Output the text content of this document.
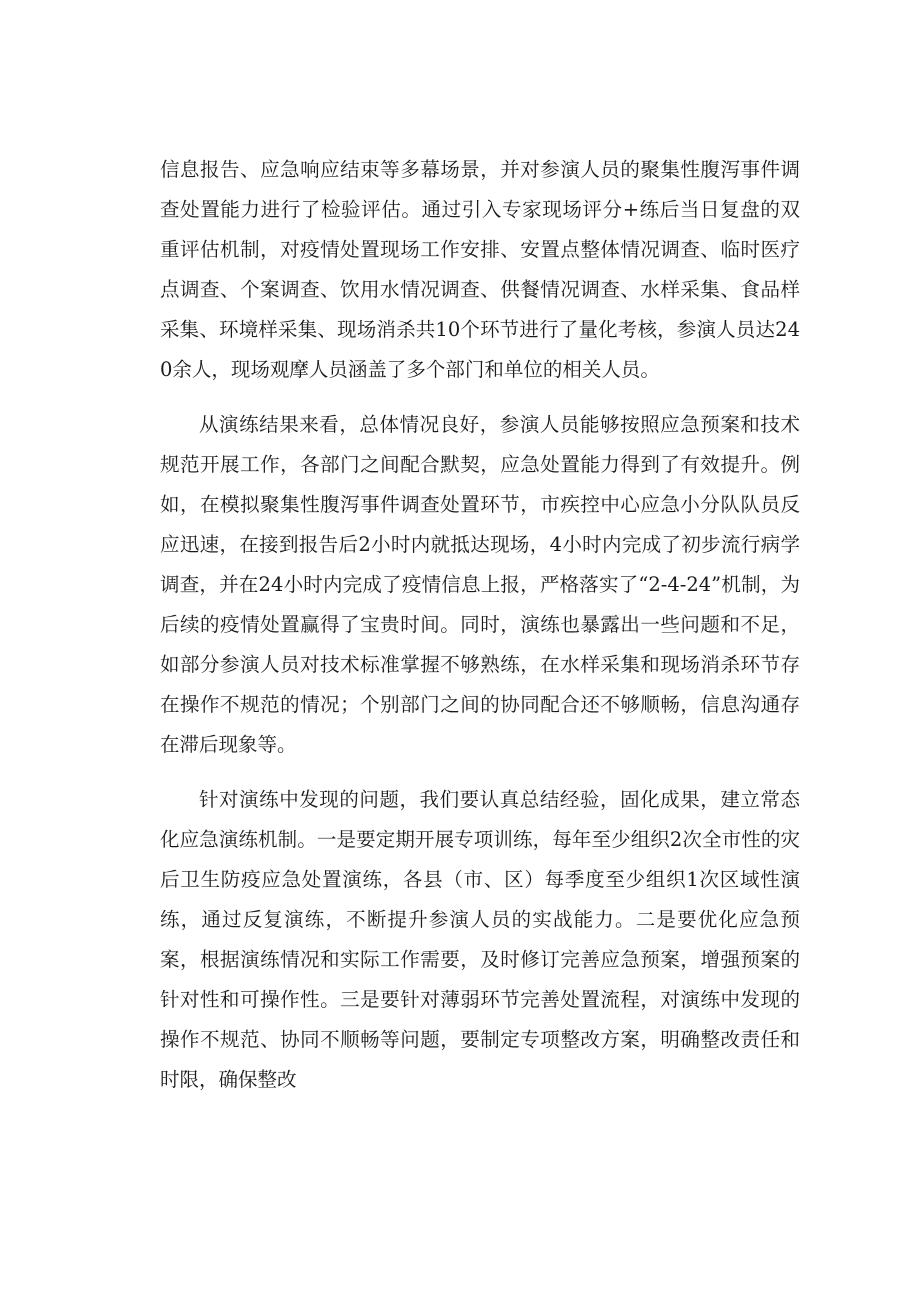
信息报告、应急响应结束等多幕场景，并对参演人员的聚集性腹泻事件调查处置能力进行了检验评估。通过引入专家现场评分+练后当日复盘的双重评估机制，对疫情处置现场工作安排、安置点整体情况调查、临时医疗点调查、个案调查、饮用水情况调查、供餐情况调查、水样采集、食品样采集、环境样采集、现场消杀共10个环节进行了量化考核，参演人员达240余人，现场观摩人员涵盖了多个部门和单位的相关人员。

从演练结果来看，总体情况良好，参演人员能够按照应急预案和技术规范开展工作，各部门之间配合默契，应急处置能力得到了有效提升。例如，在模拟聚集性腹泻事件调查处置环节，市疾控中心应急小分队队员反应迅速，在接到报告后2小时内就抵达现场，4小时内完成了初步流行病学调查，并在24小时内完成了疫情信息上报，严格落实了“2-4-24”机制，为后续的疫情处置赢得了宝贵时间。同时，演练也暴露出一些问题和不足，如部分参演人员对技术标准掌握不够熟练，在水样采集和现场消杀环节存在操作不规范的情况；个别部门之间的协同配合还不够顺畅，信息沟通存在滞后现象等。

针对演练中发现的问题，我们要认真总结经验，固化成果，建立常态化应急演练机制。一是要定期开展专项训练，每年至少组织2次全市性的灾后卫生防疫应急处置演练，各县（市、区）每季度至少组织1次区域性演练，通过反复演练，不断提升参演人员的实战能力。二是要优化应急预案，根据演练情况和实际工作需要，及时修订完善应急预案，增强预案的针对性和可操作性。三是要针对薄弱环节完善处置流程，对演练中发现的操作不规范、协同不顺畅等问题，要制定专项整改方案，明确整改责任和时限，确保整改
